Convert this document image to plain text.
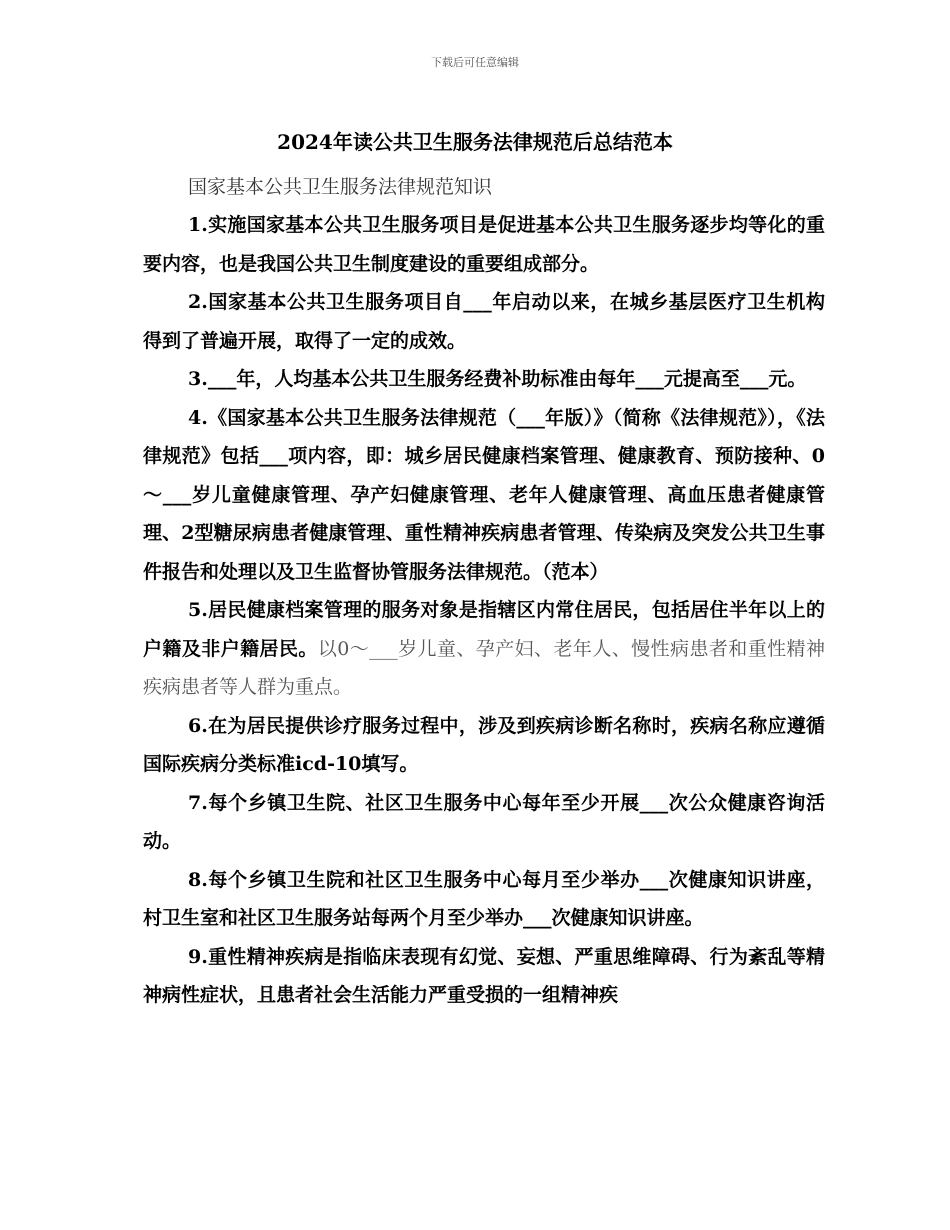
下载后可任意编辑
2024年读公共卫生服务法律规范后总结范本

国家基本公共卫生服务法律规范知识

1.实施国家基本公共卫生服务项目是促进基本公共卫生服务逐步均等化的重要内容，也是我国公共卫生制度建设的重要组成部分。

2.国家基本公共卫生服务项目自___年启动以来，在城乡基层医疗卫生机构得到了普遍开展，取得了一定的成效。

3.___年，人均基本公共卫生服务经费补助标准由每年___元提高至___元。

4.《国家基本公共卫生服务法律规范（___年版）》（简称《法律规范》），《法律规范》包括___项内容，即：城乡居民健康档案管理、健康教育、预防接种、0～___岁儿童健康管理、孕产妇健康管理、老年人健康管理、高血压患者健康管理、2型糖尿病患者健康管理、重性精神疾病患者管理、传染病及突发公共卫生事件报告和处理以及卫生监督协管服务法律规范。（范本）

5.居民健康档案管理的服务对象是指辖区内常住居民，包括居住半年以上的户籍及非户籍居民。以0～___岁儿童、孕产妇、老年人、慢性病患者和重性精神疾病患者等人群为重点。

6.在为居民提供诊疗服务过程中，涉及到疾病诊断名称时，疾病名称应遵循国际疾病分类标准icd-10填写。

7.每个乡镇卫生院、社区卫生服务中心每年至少开展___次公众健康咨询活动。

8.每个乡镇卫生院和社区卫生服务中心每月至少举办___次健康知识讲座，村卫生室和社区卫生服务站每两个月至少举办___次健康知识讲座。

9.重性精神疾病是指临床表现有幻觉、妄想、严重思维障碍、行为紊乱等精神病性症状，且患者社会生活能力严重受损的一组精神疾
